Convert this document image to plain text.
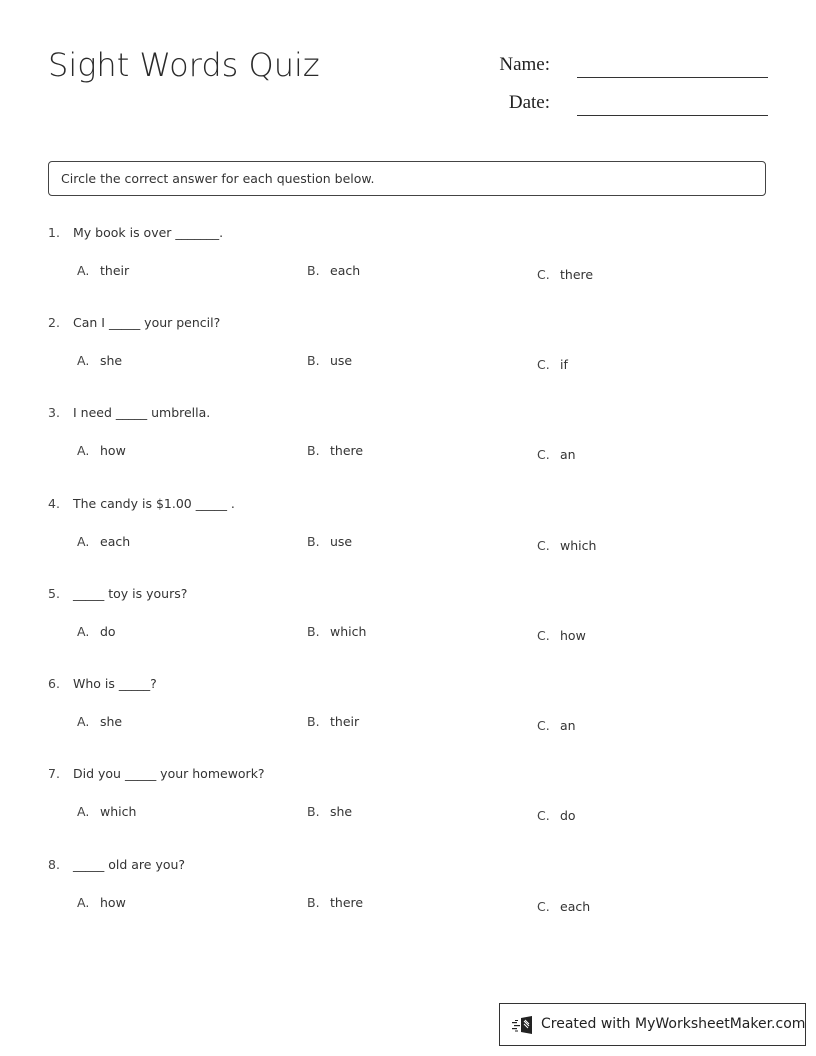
Sight Words Quiz	Name:
Date:
Circle the correct answer for each question below.
1. My book is over _______.
A. their	B. each	C. there
2. Can I _____ your pencil?
A. she	B. use	C. if
3. I need _____ umbrella.
A. how	B. there	C. an
4. The candy is $1.00 _____ .
A. each	B. use	C. which
5. _____ toy is yours?
A. do	B. which	C. how
6. Who is _____?
A. she	B. their	C. an
7. Did you _____ your homework?
A. which	B. she	C. do
8. _____ old are you?
A. how	B. there	C. each
Created with MyWorksheetMaker.com
